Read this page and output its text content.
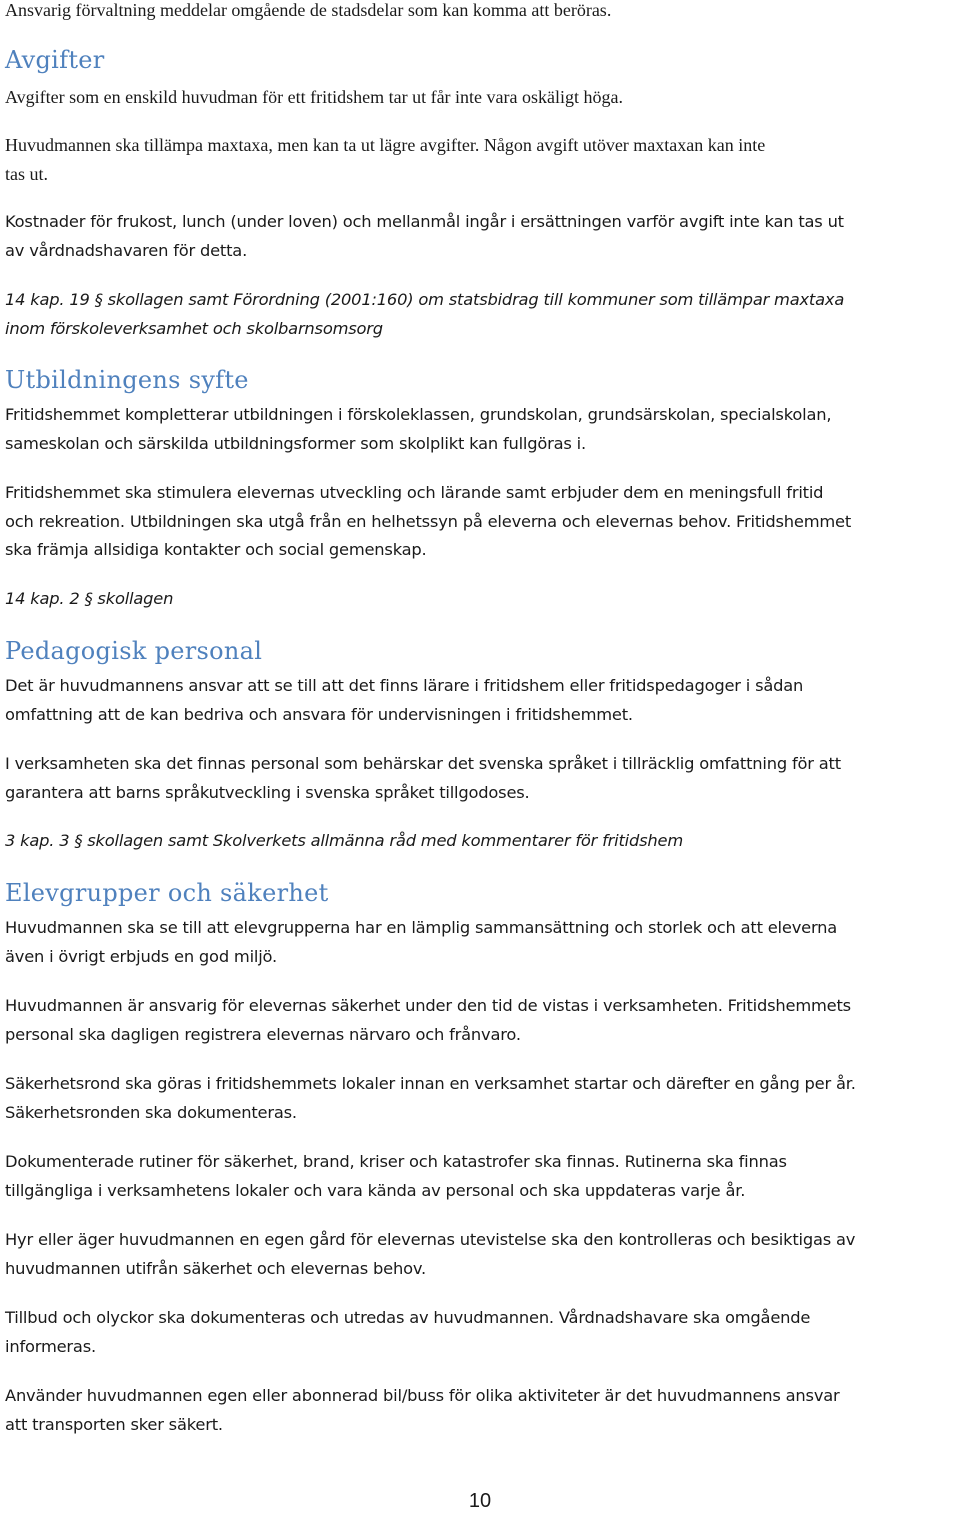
Ansvarig förvaltning meddelar omgående de stadsdelar som kan komma att beröras.

Avgifter

Avgifter som en enskild huvudman för ett fritidshem tar ut får inte vara oskäligt höga.

Huvudmannen ska tillämpa maxtaxa, men kan ta ut lägre avgifter. Någon avgift utöver maxtaxan kan inte

tas ut.

Kostnader för frukost, lunch (under loven) och mellanmål ingår i ersättningen varför avgift inte kan tas ut

av vårdnadshavaren för detta.

14 kap. 19 § skollagen samt Förordning (2001:160) om statsbidrag till kommuner som tillämpar maxtaxa

inom förskoleverksamhet och skolbarnsomsorg

Utbildningens syfte

Fritidshemmet kompletterar utbildningen i förskoleklassen, grundskolan, grundsärskolan, specialskolan,

sameskolan och särskilda utbildningsformer som skolplikt kan fullgöras i.

Fritidshemmet ska stimulera elevernas utveckling och lärande samt erbjuder dem en meningsfull fritid

och rekreation. Utbildningen ska utgå från en helhetssyn på eleverna och elevernas behov. Fritidshemmet

ska främja allsidiga kontakter och social gemenskap.

14 kap. 2 § skollagen

Pedagogisk personal

Det är huvudmannens ansvar att se till att det finns lärare i fritidshem eller fritidspedagoger i sådan

omfattning att de kan bedriva och ansvara för undervisningen i fritidshemmet.

I verksamheten ska det finnas personal som behärskar det svenska språket i tillräcklig omfattning för att

garantera att barns språkutveckling i svenska språket tillgodoses.

3 kap. 3 § skollagen samt Skolverkets allmänna råd med kommentarer för fritidshem

Elevgrupper och säkerhet

Huvudmannen ska se till att elevgrupperna har en lämplig sammansättning och storlek och att eleverna

även i övrigt erbjuds en god miljö.

Huvudmannen är ansvarig för elevernas säkerhet under den tid de vistas i verksamheten. Fritidshemmets

personal ska dagligen registrera elevernas närvaro och frånvaro.

Säkerhetsrond ska göras i fritidshemmets lokaler innan en verksamhet startar och därefter en gång per år.

Säkerhetsronden ska dokumenteras.

Dokumenterade rutiner för säkerhet, brand, kriser och katastrofer ska finnas. Rutinerna ska finnas

tillgängliga i verksamhetens lokaler och vara kända av personal och ska uppdateras varje år.

Hyr eller äger huvudmannen en egen gård för elevernas utevistelse ska den kontrolleras och besiktigas av

huvudmannen utifrån säkerhet och elevernas behov.

Tillbud och olyckor ska dokumenteras och utredas av huvudmannen. Vårdnadshavare ska omgående

informeras.

Använder huvudmannen egen eller abonnerad bil/buss för olika aktiviteter är det huvudmannens ansvar

att transporten sker säkert.

10
